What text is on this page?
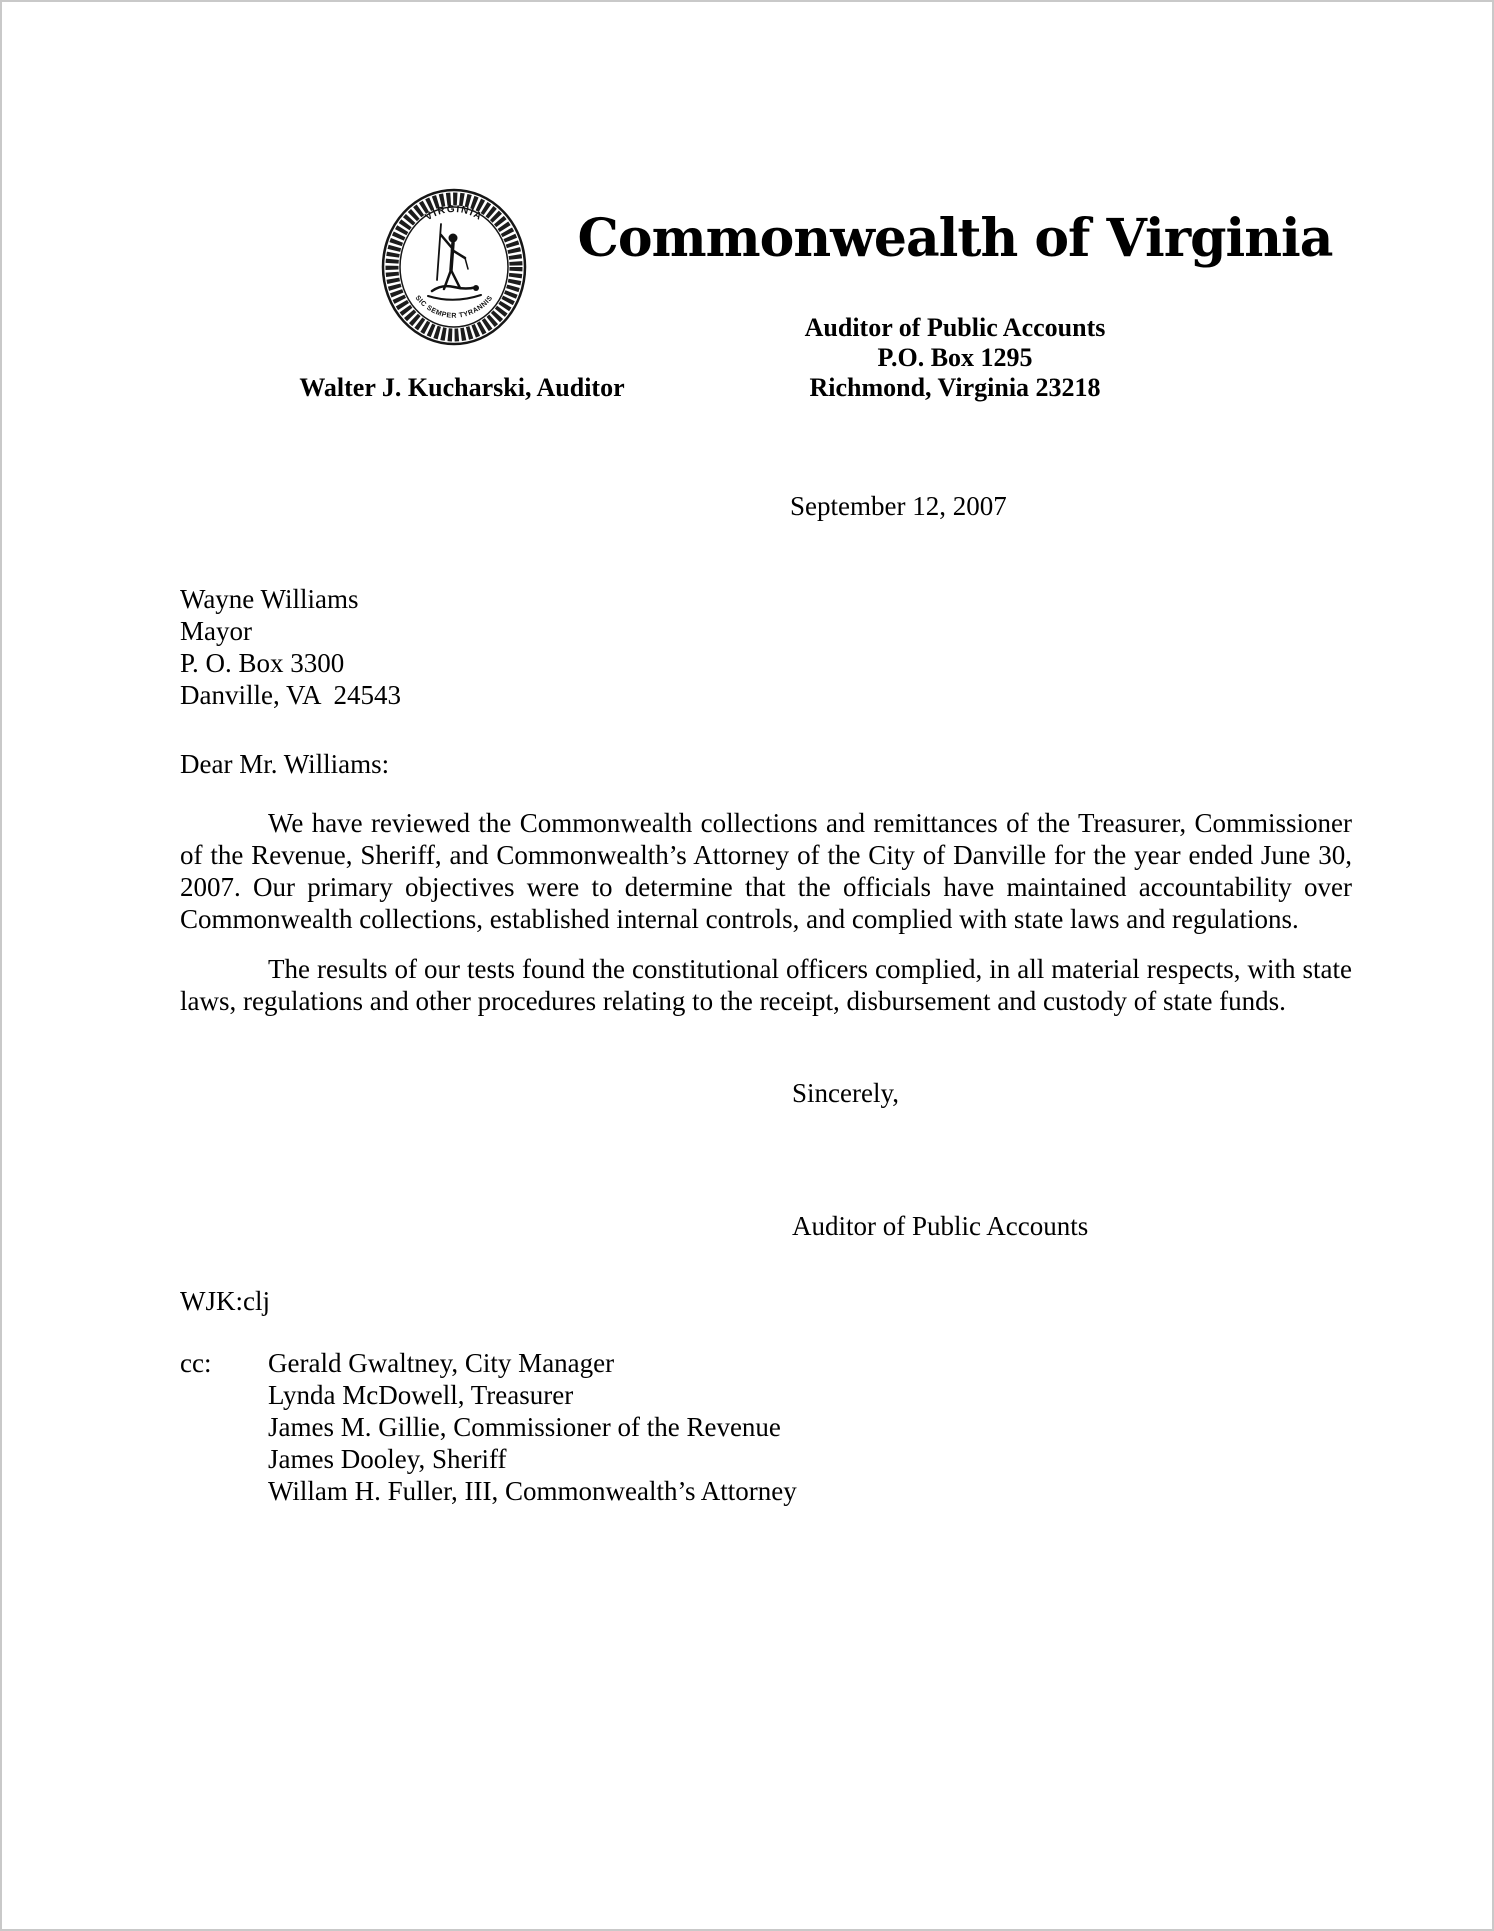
VIRGINIA
SIC SEMPER TYRANNIS
Commonwealth of Virginia
Auditor of Public Accounts
P.O. Box 1295
Richmond, Virginia 23218
Walter J. Kucharski, Auditor
September 12, 2007
Wayne Williams
Mayor
P. O. Box 3300
Danville, VA  24543
Dear Mr. Williams:
We have reviewed the Commonwealth collections and remittances of the Treasurer, Commissioner of the Revenue, Sheriff, and Commonwealth’s Attorney of the City of Danville for the year ended June 30, 2007. Our primary objectives were to determine that the officials have maintained accountability over Commonwealth collections, established internal controls, and complied with state laws and regulations.
The results of our tests found the constitutional officers complied, in all material respects, with state laws, regulations and other procedures relating to the receipt, disbursement and custody of state funds.
Sincerely,
Auditor of Public Accounts
WJK:clj
cc: Gerald Gwaltney, City Manager
Lynda McDowell, Treasurer
James M. Gillie, Commissioner of the Revenue
James Dooley, Sheriff
Willam H. Fuller, III, Commonwealth’s Attorney
